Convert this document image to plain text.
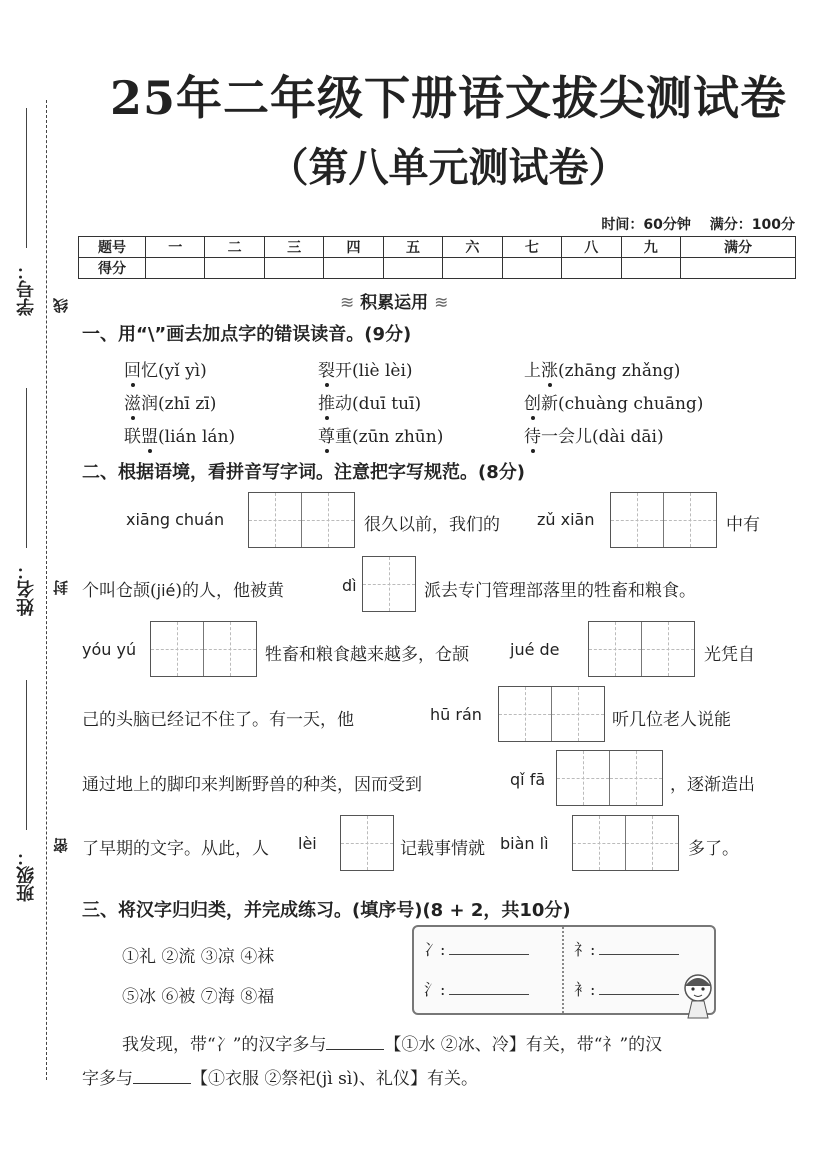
学号： 线
姓名： 封
班级：
密
25年二年级下册语文拔尖测试卷
（第八单元测试卷）
时间：60分钟 满分：100分
题号	一	二	三	四	五	六	七	八	九	满分
得分										
≋ 积累运用 ≋
一、用“\”画去加点字的错误读音。(9分)
回忆(yǐ yì)	裂开(liè lèi)	上涨(zhāng zhǎng)
滋润(zhī zī)	推动(duī tuī)	创新(chuàng chuāng)
联盟(lián lán)	尊重(zūn zhūn)	待一会儿(dài dāi)
二、根据语境，看拼音写字词。注意把字写规范。(8分)
xiāng chuán	很久以前，我们的 zǔ xiān	中有
个叫仓颉(jié)的人，他被黄	dì	派去专门管理部落里的牲畜和粮食。
yóu yú	牲畜和粮食越来越多，仓颉	jué de	光凭自
己的头脑已经记不住了。有一天，他	hū rán	听几位老人说能
通过地上的脚印来判断野兽的种类，因而受到	qǐ fā	，逐渐造出
了早期的文字。从此，人 lèi	记载事情就 biàn lì	多了。
三、将汉字归归类，并完成练习。(填序号)(8 + 2，共10分)
①礼 ②流 ③凉 ④袜
⑤冰 ⑥被 ⑦海 ⑧福
冫:	礻:
氵:	衤:
我发现，带“冫”的汉字多与	【①水 ②冰、冷】有关，带“礻”的汉
字多与	【①衣服 ②祭祀(jì sì)、礼仪】有关。
